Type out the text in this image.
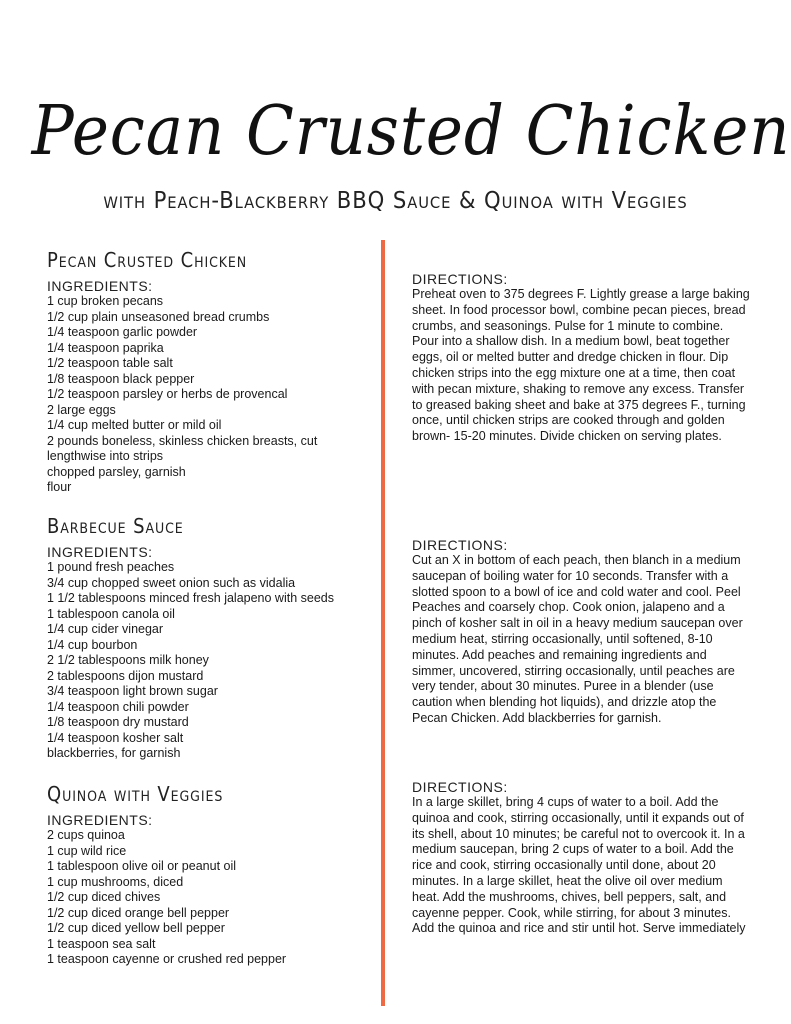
Pecan Crusted Chicken
with Peach-Blackberry BBQ Sauce & Quinoa with Veggies
Pecan Crusted Chicken
INGREDIENTS:
1 cup broken pecans
1/2 cup plain unseasoned bread crumbs
1/4 teaspoon garlic powder
1/4 teaspoon paprika
1/2 teaspoon table salt
1/8 teaspoon black pepper
1/2 teaspoon parsley or herbs de provencal
2 large eggs
1/4 cup melted butter or mild oil
2 pounds boneless, skinless chicken breasts, cut lengthwise into strips
chopped parsley, garnish
flour
DIRECTIONS:

Preheat oven to 375 degrees F. Lightly grease a large baking sheet. In food processor bowl, combine pecan pieces, bread crumbs, and seasonings. Pulse for 1 minute to combine. Pour into a shallow dish. In a medium bowl, beat together eggs, oil or melted butter and dredge chicken in flour. Dip chicken strips into the egg mixture one at a time, then coat with pecan mixture, shaking to remove any excess. Transfer to greased baking sheet and bake at 375 degrees F., turning once, until chicken strips are cooked through and golden brown- 15-20 minutes. Divide chicken on serving plates.

Barbecue Sauce
INGREDIENTS:
1 pound fresh peaches
3/4 cup chopped sweet onion such as vidalia
1 1/2 tablespoons minced fresh jalapeno with seeds
1 tablespoon canola oil
1/4 cup cider vinegar
1/4 cup bourbon
2 1/2 tablespoons milk honey
2 tablespoons dijon mustard
3/4 teaspoon light brown sugar
1/4 teaspoon chili powder
1/8 teaspoon dry mustard
1/4 teaspoon kosher salt
blackberries, for garnish
DIRECTIONS:

Cut an X in bottom of each peach, then blanch in a medium saucepan of boiling water for 10 seconds. Transfer with a slotted spoon to a bowl of ice and cold water and cool. Peel Peaches and coarsely chop. Cook onion, jalapeno and a pinch of kosher salt in oil in a heavy medium saucepan over medium heat, stirring occasionally, until softened, 8-10 minutes. Add peaches and remaining ingredients and simmer, uncovered, stirring occasionally, until peaches are very tender, about 30 minutes. Puree in a blender (use caution when blending hot liquids), and drizzle atop the Pecan Chicken. Add blackberries for garnish.

Quinoa with Veggies
INGREDIENTS:
2 cups quinoa
1 cup wild rice
1 tablespoon olive oil or peanut oil
1 cup mushrooms, diced
1/2 cup diced chives
1/2 cup diced orange bell pepper
1/2 cup diced yellow bell pepper
1 teaspoon sea salt
1 teaspoon cayenne or crushed red pepper
DIRECTIONS:

In a large skillet, bring 4 cups of water to a boil. Add the quinoa and cook, stirring occasionally, until it expands out of its shell, about 10 minutes; be careful not to overcook it. In a medium saucepan, bring 2 cups of water to a boil. Add the rice and cook, stirring occasionally until done, about 20 minutes. In a large skillet, heat the olive oil over medium heat. Add the mushrooms, chives, bell peppers, salt, and cayenne pepper. Cook, while stirring, for about 3 minutes. Add the quinoa and rice and stir until hot. Serve immediately
